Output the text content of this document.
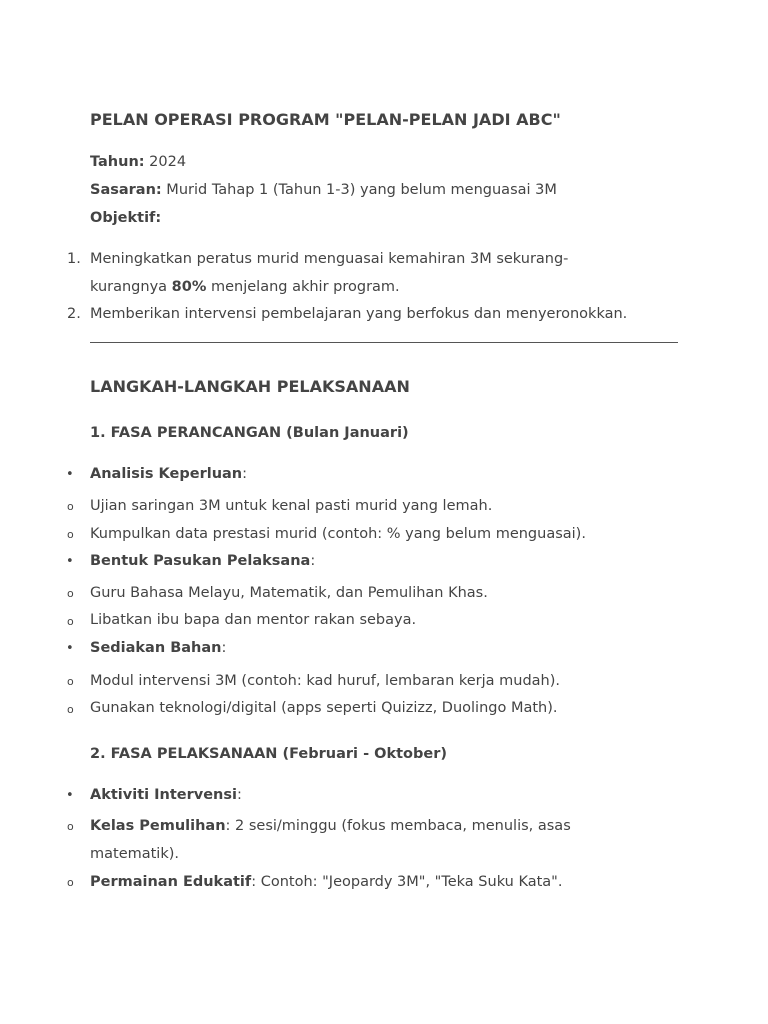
PELAN OPERASI PROGRAM "PELAN-PELAN JADI ABC"
Tahun: 2024
Sasaran: Murid Tahap 1 (Tahun 1-3) yang belum menguasai 3M
Objektif:
1. Meningkatkan peratus murid menguasai kemahiran 3M sekurang-
kurangnya 80% menjelang akhir program.
2. Memberikan intervensi pembelajaran yang berfokus dan menyeronokkan.
LANGKAH-LANGKAH PELAKSANAAN
1. FASA PERANCANGAN (Bulan Januari)
• Analisis Keperluan:
o Ujian saringan 3M untuk kenal pasti murid yang lemah.
o Kumpulkan data prestasi murid (contoh: % yang belum menguasai).
• Bentuk Pasukan Pelaksana:
o Guru Bahasa Melayu, Matematik, dan Pemulihan Khas.
o Libatkan ibu bapa dan mentor rakan sebaya.
• Sediakan Bahan:
o Modul intervensi 3M (contoh: kad huruf, lembaran kerja mudah).
o Gunakan teknologi/digital (apps seperti Quizizz, Duolingo Math).
2. FASA PELAKSANAAN (Februari - Oktober)
• Aktiviti Intervensi:
o Kelas Pemulihan: 2 sesi/minggu (fokus membaca, menulis, asas
matematik).
o Permainan Edukatif: Contoh: "Jeopardy 3M", "Teka Suku Kata".
